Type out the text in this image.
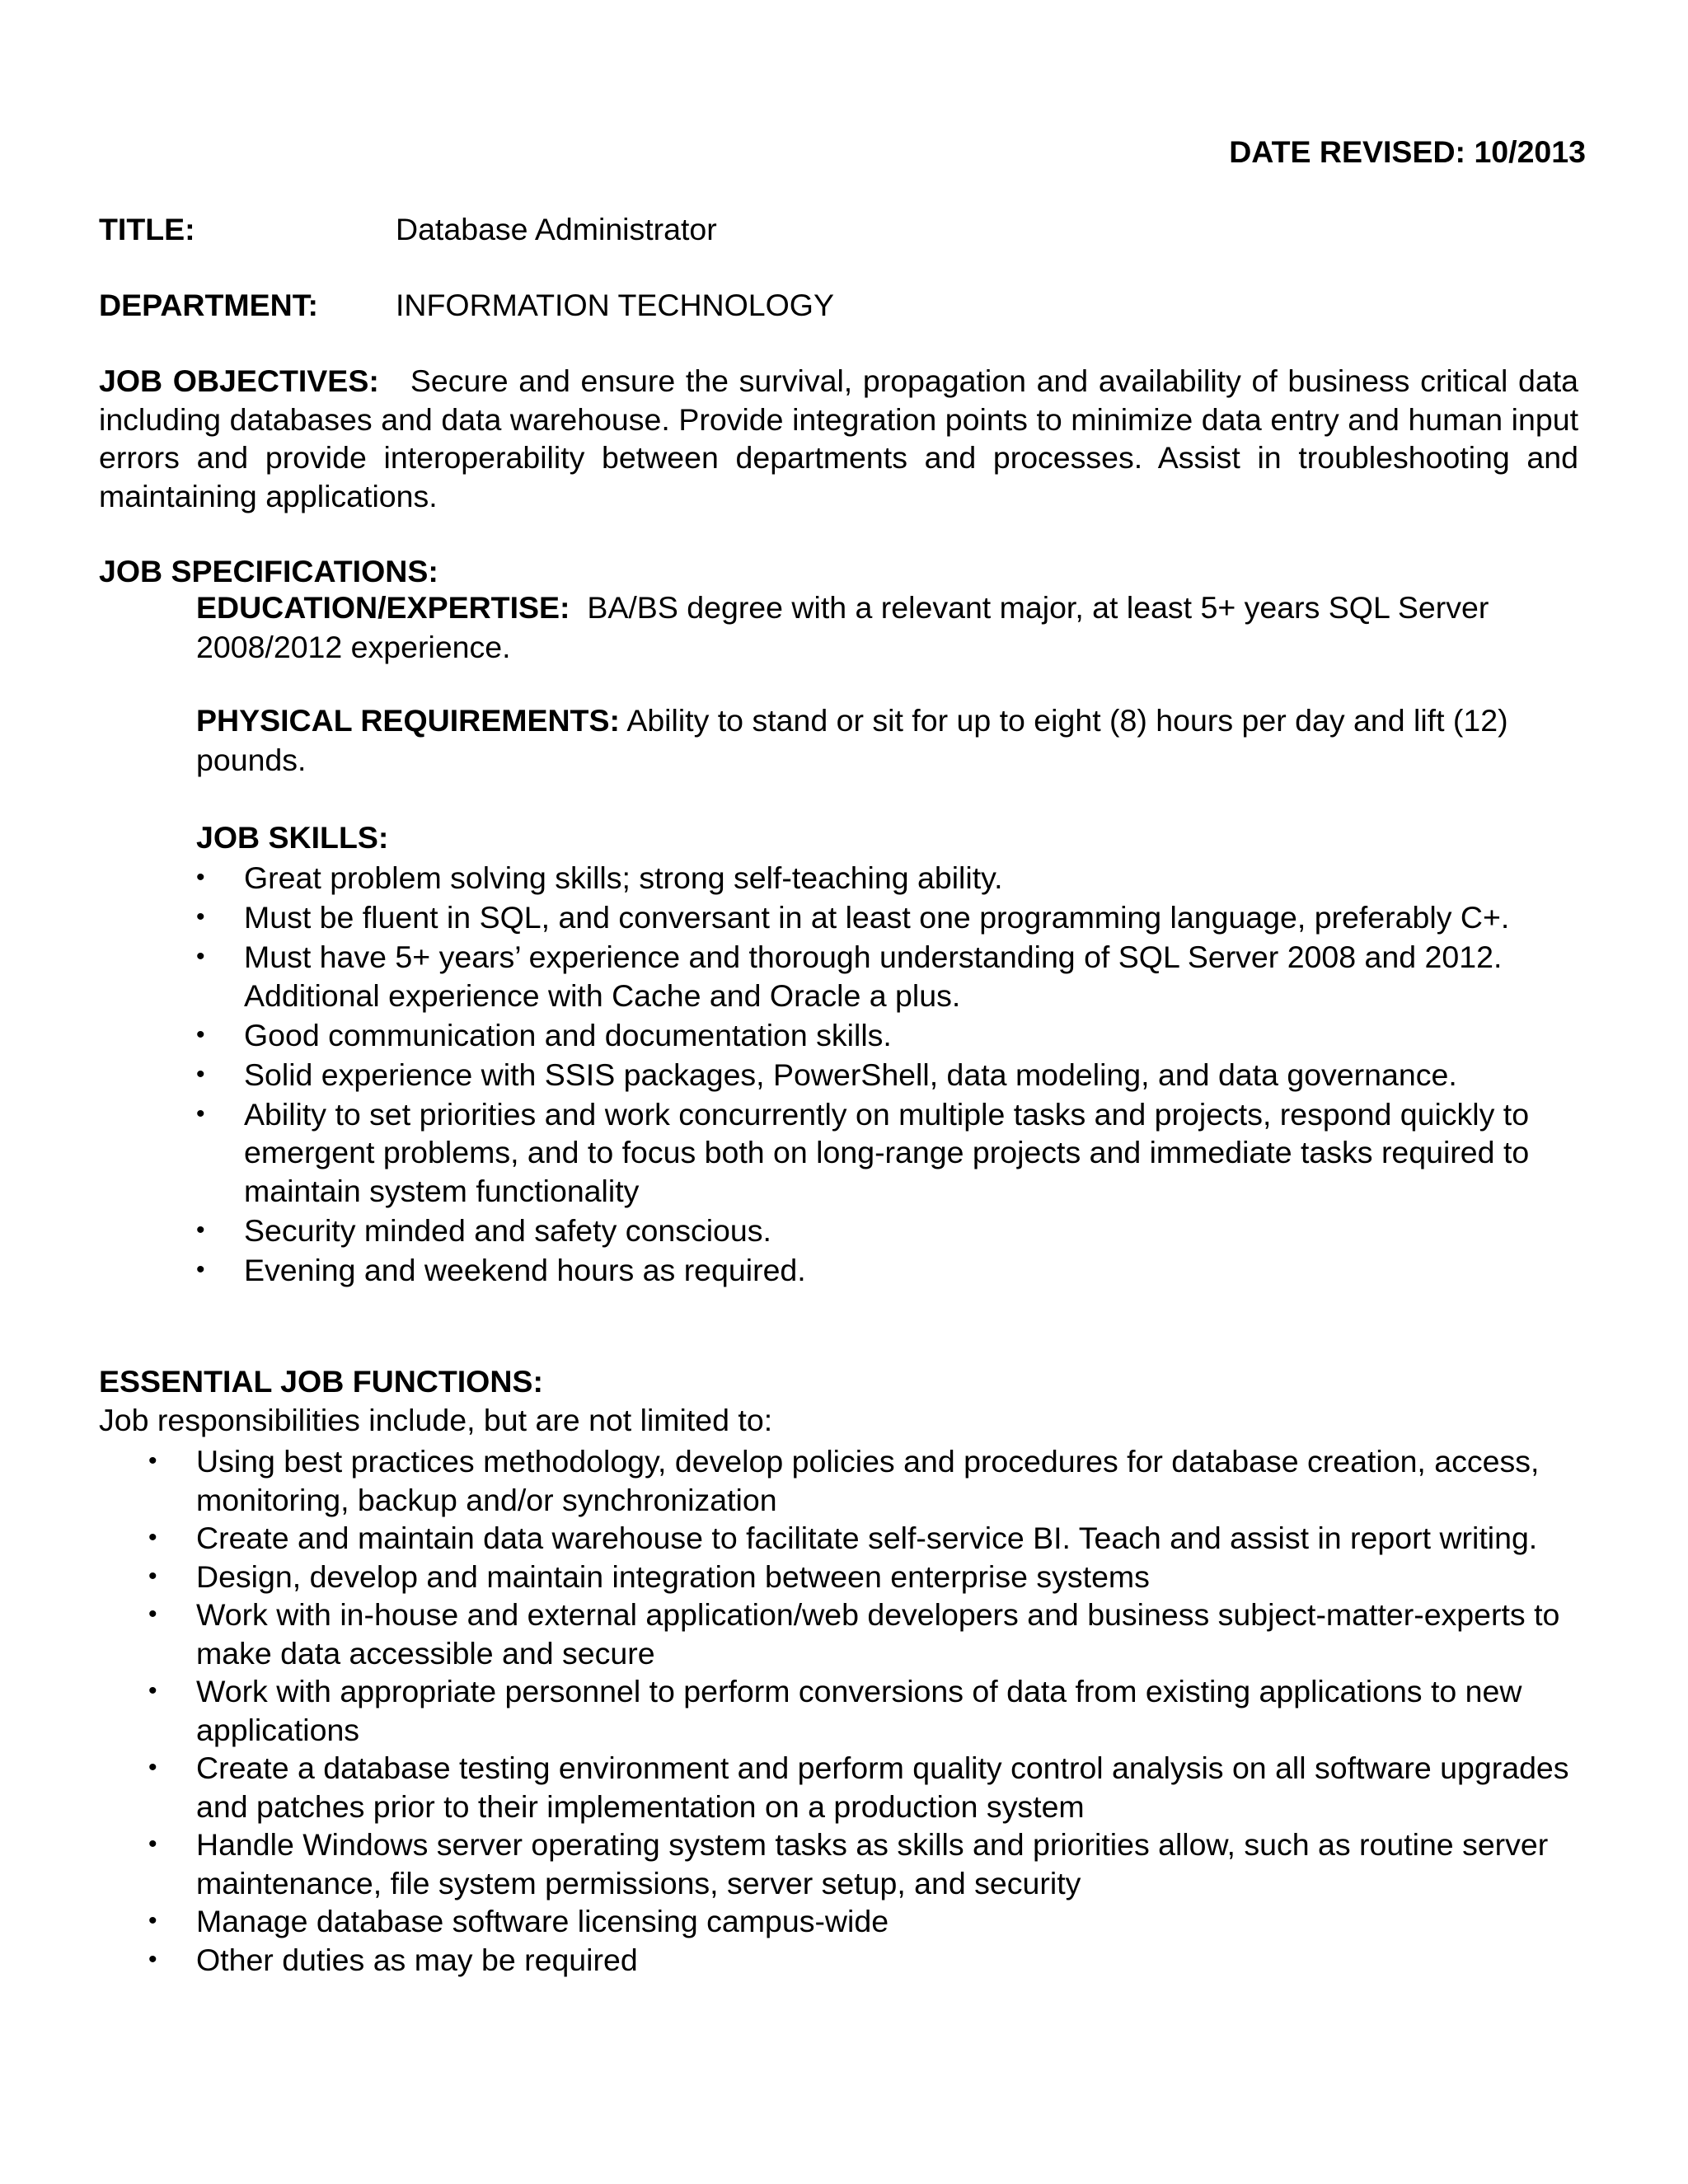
DATE REVISED: 10/2013
TITLE:	Database Administrator
DEPARTMENT:	INFORMATION TECHNOLOGY
JOB OBJECTIVES: Secure and ensure the survival, propagation and availability of business critical data including databases and data warehouse. Provide integration points to minimize data entry and human input errors and provide interoperability between departments and processes. Assist in troubleshooting and maintaining applications.
JOB SPECIFICATIONS:
EDUCATION/EXPERTISE: BA/BS degree with a relevant major, at least 5+ years SQL Server 2008/2012 experience.
PHYSICAL REQUIREMENTS: Ability to stand or sit for up to eight (8) hours per day and lift (12) pounds.
JOB SKILLS:
• Great problem solving skills; strong self-teaching ability.
• Must be fluent in SQL, and conversant in at least one programming language, preferably C+.
• Must have 5+ years’ experience and thorough understanding of SQL Server 2008 and 2012. Additional experience with Cache and Oracle a plus.
• Good communication and documentation skills.
• Solid experience with SSIS packages, PowerShell, data modeling, and data governance.
• Ability to set priorities and work concurrently on multiple tasks and projects, respond quickly to emergent problems, and to focus both on long-range projects and immediate tasks required to maintain system functionality
• Security minded and safety conscious.
• Evening and weekend hours as required.
ESSENTIAL JOB FUNCTIONS:
Job responsibilities include, but are not limited to:
• Using best practices methodology, develop policies and procedures for database creation, access, monitoring, backup and/or synchronization
• Create and maintain data warehouse to facilitate self-service BI. Teach and assist in report writing.
• Design, develop and maintain integration between enterprise systems
• Work with in-house and external application/web developers and business subject-matter-experts to make data accessible and secure
• Work with appropriate personnel to perform conversions of data from existing applications to new applications
• Create a database testing environment and perform quality control analysis on all software upgrades and patches prior to their implementation on a production system
• Handle Windows server operating system tasks as skills and priorities allow, such as routine server maintenance, file system permissions, server setup, and security
• Manage database software licensing campus-wide
• Other duties as may be required
